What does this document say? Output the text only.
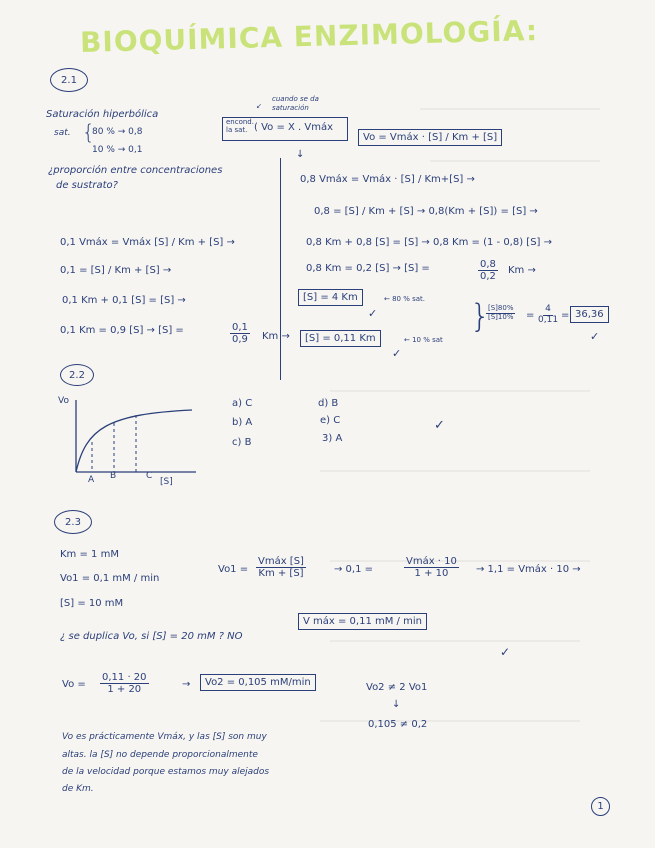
BIOQUÍMICA ENZIMOLOGÍA:
2.1
Saturación hiperbólica
sat. {
80 % → 0,8
10 % → 0,1
¿proporción entre concentraciones
de sustrato?
cuando se da
saturación
↙
encond.
la sat. ( Vo = X . Vmáx
Vo = Vmáx · [S] / Km + [S]
↓
0,8 Vmáx = Vmáx · [S] / Km+[S] →
0,8 = [S] / Km + [S] → 0,8(Km + [S]) = [S] →
0,8 Km + 0,8 [S] = [S] → 0,8 Km = (1 - 0,8) [S] →
0,8 Km = 0,2 [S] → [S] =	$\frac{0,8}{0,2}$ Km →
[S] = 4 Km	← 80 % sat.
✓
0,1 Vmáx = Vmáx [S] / Km + [S] →
0,1 = [S] / Km + [S] →
0,1 Km + 0,1 [S] = [S] →
0,1 Km = 0,9 [S] → [S] =	$\frac{0,1}{0,9}$ Km →	[S] = 0,11 Km	← 10 % sat
✓
}
$\frac{[S]80\%}{[S]10\%} = \frac{4}{0,11} = 36,36$
✓
2.2
Vo
A B	C
[S]
a) C
b) A
c) B
d) B
e) C
3) A
✓
2.3
Km = 1 mM
Vo1 = 0,1 mM / min
[S] = 10 mM
¿ se duplica Vo, si [S] = 20 mM ? NO
Vo1 =
Vmáx [S]
Km + [S]	→ 0,1 =
Vmáx · 10
1 + 10	→ 1,1 = Vmáx · 10 →
V máx = 0,11 mM / min
✓
$Vo = \frac{0,11 \cdot 20}{1 + 20}$	→	Vo2 = 0,105 mM/min	Vo2 ≠ 2 Vo1
↓
0,105 ≠ 0,2
Vo es prácticamente Vmáx, y las [S] son muy
altas. la [S] no depende proporcionalmente
de la velocidad porque estamos muy alejados
de Km.
1
